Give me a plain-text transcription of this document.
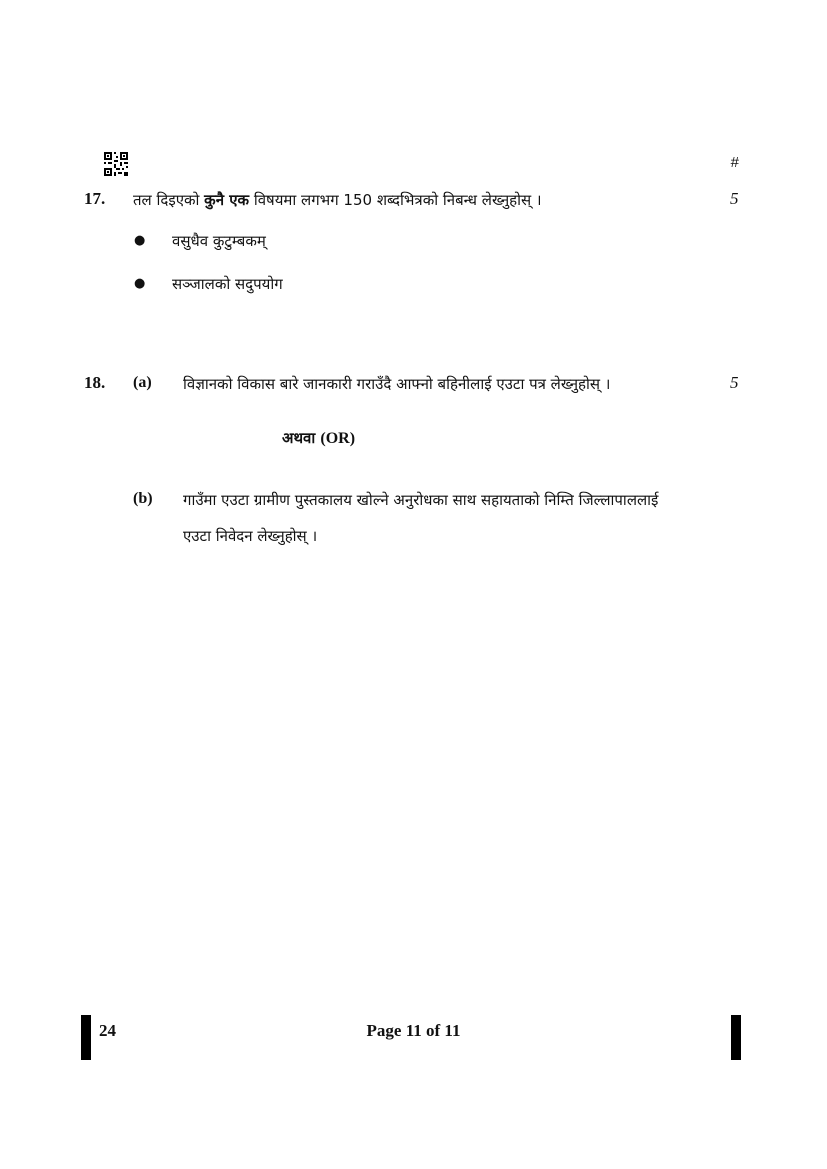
#
17. तल दिइएको कुनै एक विषयमा लगभग 150 शब्दभित्रको निबन्ध लेख्नुहोस् ।	5
● वसुधैव कुटुम्बकम्
● सञ्जालको सदुपयोग
18. (a) विज्ञानको विकास बारे जानकारी गराउँदै आफ्नो बहिनीलाई एउटा पत्र लेख्नुहोस् ।	5
अथवा (OR)
(b) गाउँमा एउटा ग्रामीण पुस्तकालय खोल्ने अनुरोधका साथ सहायताको निम्ति जिल्लापाललाई
एउटा निवेदन लेख्नुहोस् ।
24	Page 11 of 11
